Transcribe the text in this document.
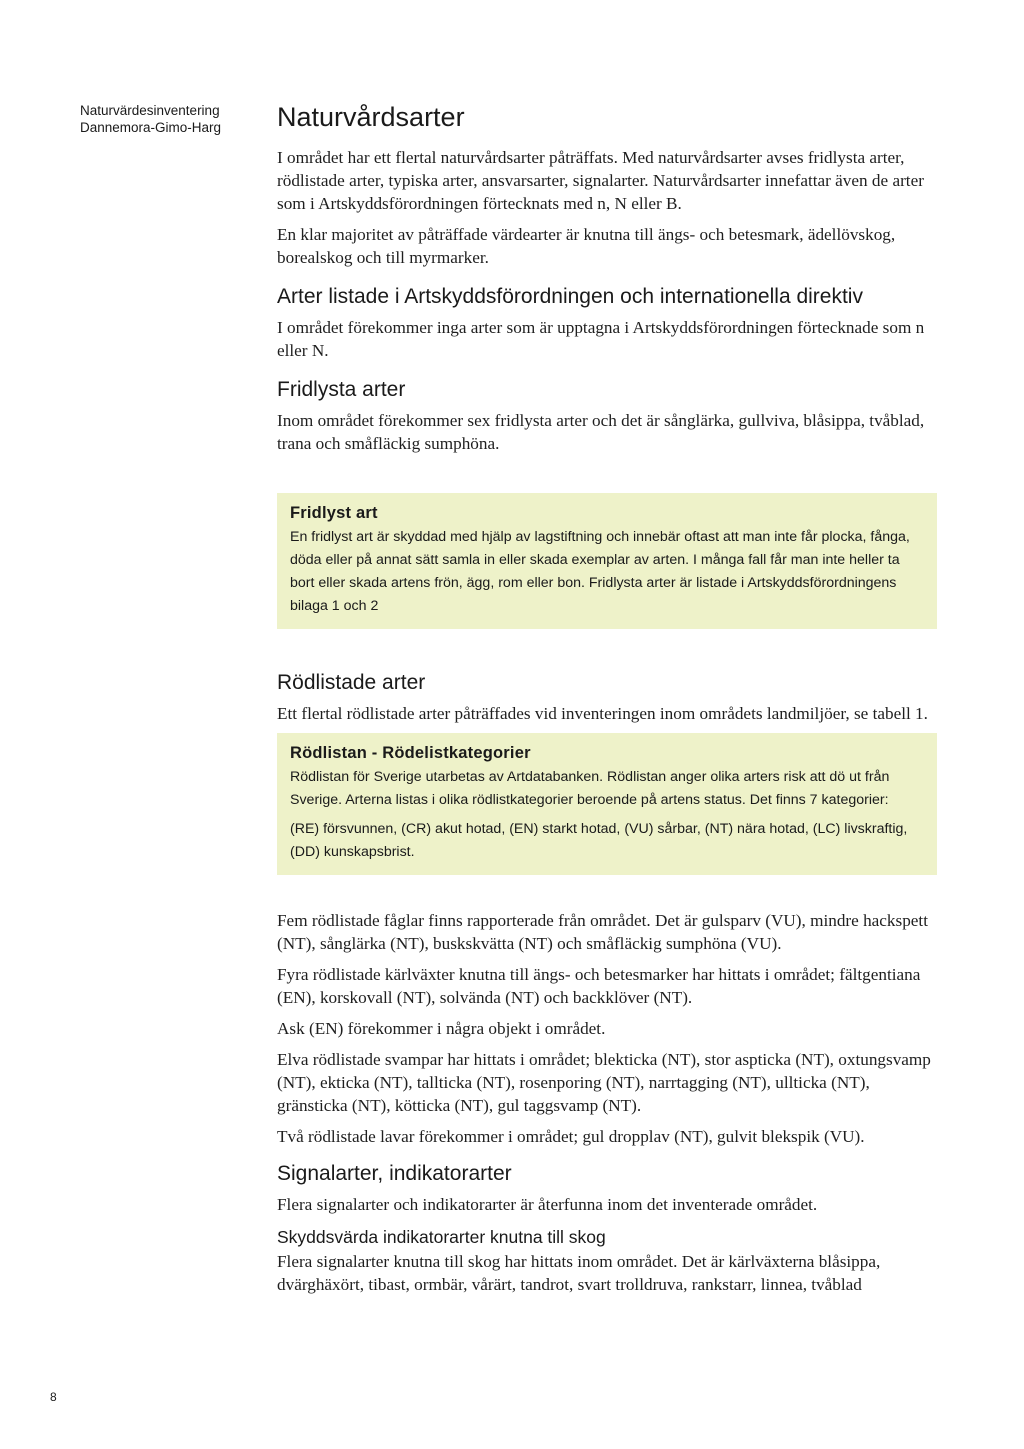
Naturvärdesinventering
Dannemora-Gimo-Harg	Naturvårdsarter

I området har ett flertal naturvårdsarter påträffats. Med naturvårdsarter avses fridlysta arter, rödlistade arter, typiska arter, ansvarsarter, signalarter. Naturvårdsarter innefattar även de arter som i Artskyddsförordningen förtecknats med n, N eller B.

En klar majoritet av påträffade värdearter är knutna till ängs- och betesmark, ädellövskog, borealskog och till myrmarker.

Arter listade i Artskyddsförordningen och internationella direktiv

I området förekommer inga arter som är upptagna i Artskyddsförordningen förtecknade som n eller N.

Fridlysta arter

Inom området förekommer sex fridlysta arter och det är sånglärka, gullviva, blåsippa, tvåblad, trana och småfläckig sumphöna.

Fridlyst art

En fridlyst art är skyddad med hjälp av lagstiftning och innebär oftast att man inte får plocka, fånga, döda eller på annat sätt samla in eller skada exemplar av arten. I många fall får man inte heller ta bort eller skada artens frön, ägg, rom eller bon. Fridlysta arter är listade i Artskyddsförordningens bilaga 1 och 2

Rödlistade arter

Ett flertal rödlistade arter påträffades vid inventeringen inom områdets landmiljöer, se tabell 1.

Rödlistan - Rödelistkategorier

Rödlistan för Sverige utarbetas av Artdatabanken. Rödlistan anger olika arters risk att dö ut från Sverige. Arterna listas i olika rödlistkategorier beroende på artens status. Det finns 7 kategorier:

(RE) försvunnen, (CR) akut hotad, (EN) starkt hotad, (VU) sårbar, (NT) nära hotad, (LC) livskraftig, (DD) kunskapsbrist.

Fem rödlistade fåglar finns rapporterade från området. Det är gulsparv (VU), mindre hackspett (NT), sånglärka (NT), buskskvätta (NT) och småfläckig sumphöna (VU).

Fyra rödlistade kärlväxter knutna till ängs- och betesmarker har hittats i området; fältgentiana (EN), korskovall (NT), solvända (NT) och backklöver (NT).

Ask (EN) förekommer i några objekt i området.

Elva rödlistade svampar har hittats i området; blekticka (NT), stor aspticka (NT), oxtungsvamp (NT), ekticka (NT), tallticka (NT), rosenporing (NT), narrtagging (NT), ullticka (NT), gränsticka (NT), kötticka (NT), gul taggsvamp (NT).

Två rödlistade lavar förekommer i området; gul dropplav (NT), gulvit blekspik (VU).

Signalarter, indikatorarter

Flera signalarter och indikatorarter är återfunna inom det inventerade området.

Skyddsvärda indikatorarter knutna till skog

Flera signalarter knutna till skog har hittats inom området. Det är kärlväxterna blåsippa, dvärghäxört, tibast, ormbär, vårärt, tandrot, svart trolldruva, rankstarr, linnea, tvåblad

8
